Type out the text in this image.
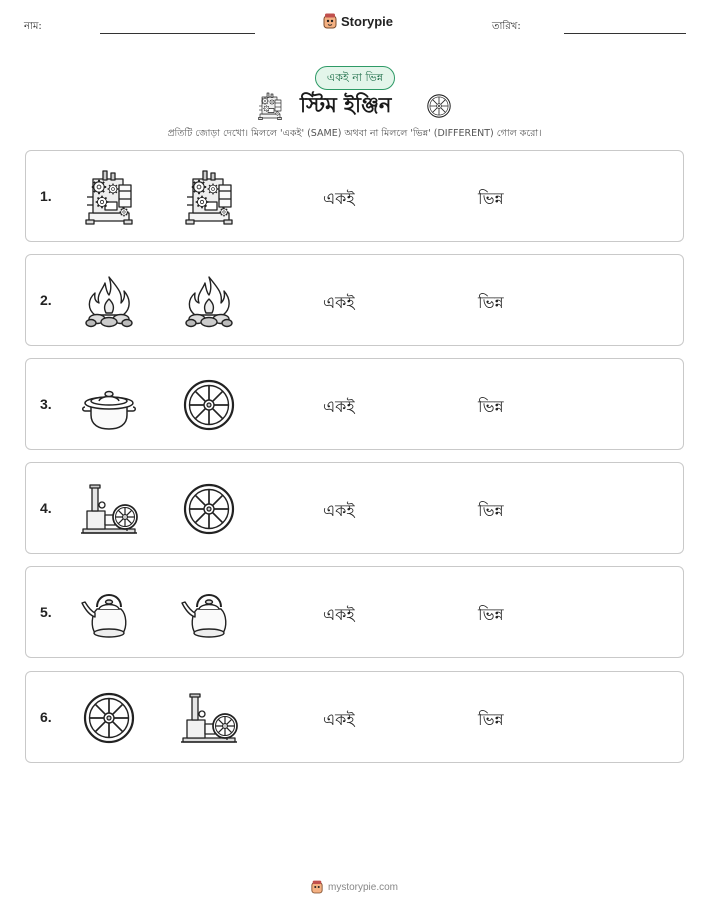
নাম:	Storypie	তারিখ:
একই না ভিন্ন
স্টিম ইঞ্জিন
প্রতিটি জোড়া দেখো। মিললে 'একই' (SAME) অথবা না মিললে 'ভিন্ন' (DIFFERENT) গোল করো।
1.	একই	ভিন্ন
2.	একই	ভিন্ন
3.	একই	ভিন্ন
4.	একই	ভিন্ন
5.	একই	ভিন্ন
6.	একই	ভিন্ন
mystorypie.com
